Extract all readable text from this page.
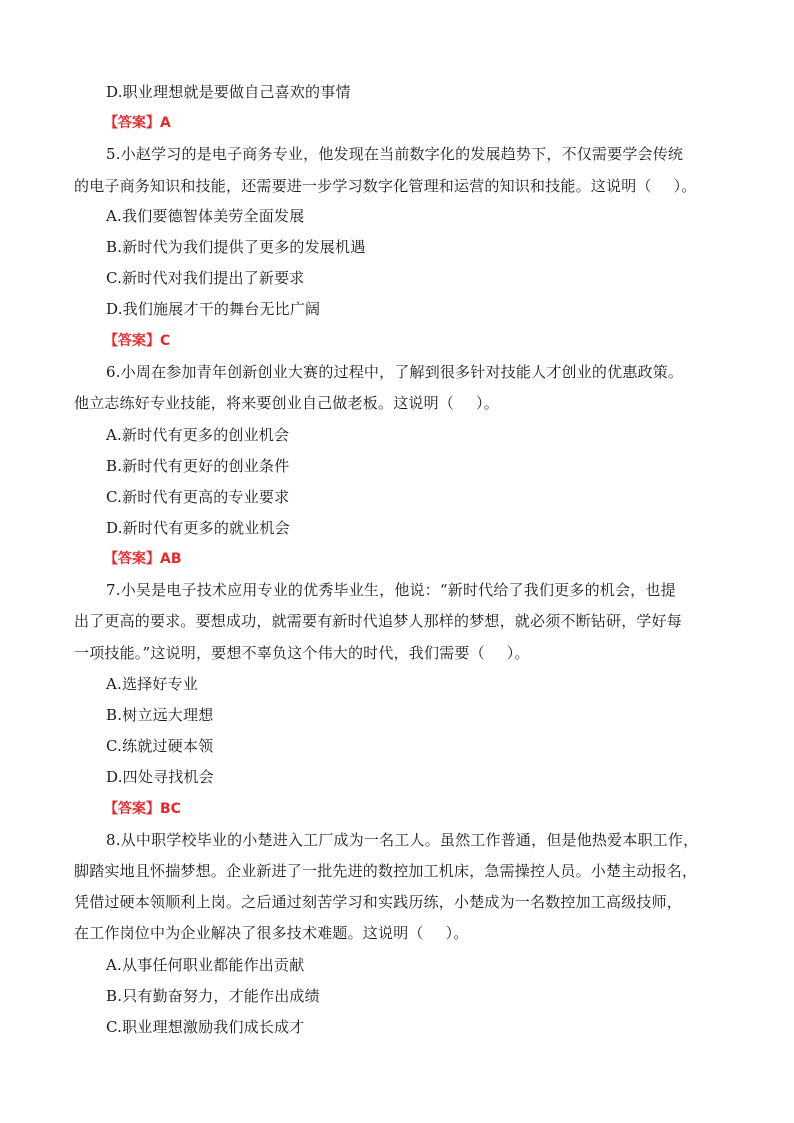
D.职业理想就是要做自己喜欢的事情
【答案】A
5.小赵学习的是电子商务专业，他发现在当前数字化的发展趋势下，不仅需要学会传统
的电子商务知识和技能，还需要进一步学习数字化管理和运营的知识和技能。这说明（ ）。
A.我们要德智体美劳全面发展
B.新时代为我们提供了更多的发展机遇
C.新时代对我们提出了新要求
D.我们施展才干的舞台无比广阔
【答案】C
6.小周在参加青年创新创业大赛的过程中，了解到很多针对技能人才创业的优惠政策。
他立志练好专业技能，将来要创业自己做老板。这说明（ ）。
A.新时代有更多的创业机会
B.新时代有更好的创业条件
C.新时代有更高的专业要求
D.新时代有更多的就业机会
【答案】AB
7.小吴是电子技术应用专业的优秀毕业生，他说：“新时代给了我们更多的机会，也提
出了更高的要求。要想成功，就需要有新时代追梦人那样的梦想，就必须不断钻研，学好每
一项技能。”这说明，要想不辜负这个伟大的时代，我们需要（ ）。
A.选择好专业
B.树立远大理想
C.练就过硬本领
D.四处寻找机会
【答案】BC
8.从中职学校毕业的小楚进入工厂成为一名工人。虽然工作普通，但是他热爱本职工作，
脚踏实地且怀揣梦想。企业新进了一批先进的数控加工机床，急需操控人员。小楚主动报名，
凭借过硬本领顺利上岗。之后通过刻苦学习和实践历练，小楚成为一名数控加工高级技师，
在工作岗位中为企业解决了很多技术难题。这说明（ ）。
A.从事任何职业都能作出贡献
B.只有勤奋努力，才能作出成绩
C.职业理想激励我们成长成才
